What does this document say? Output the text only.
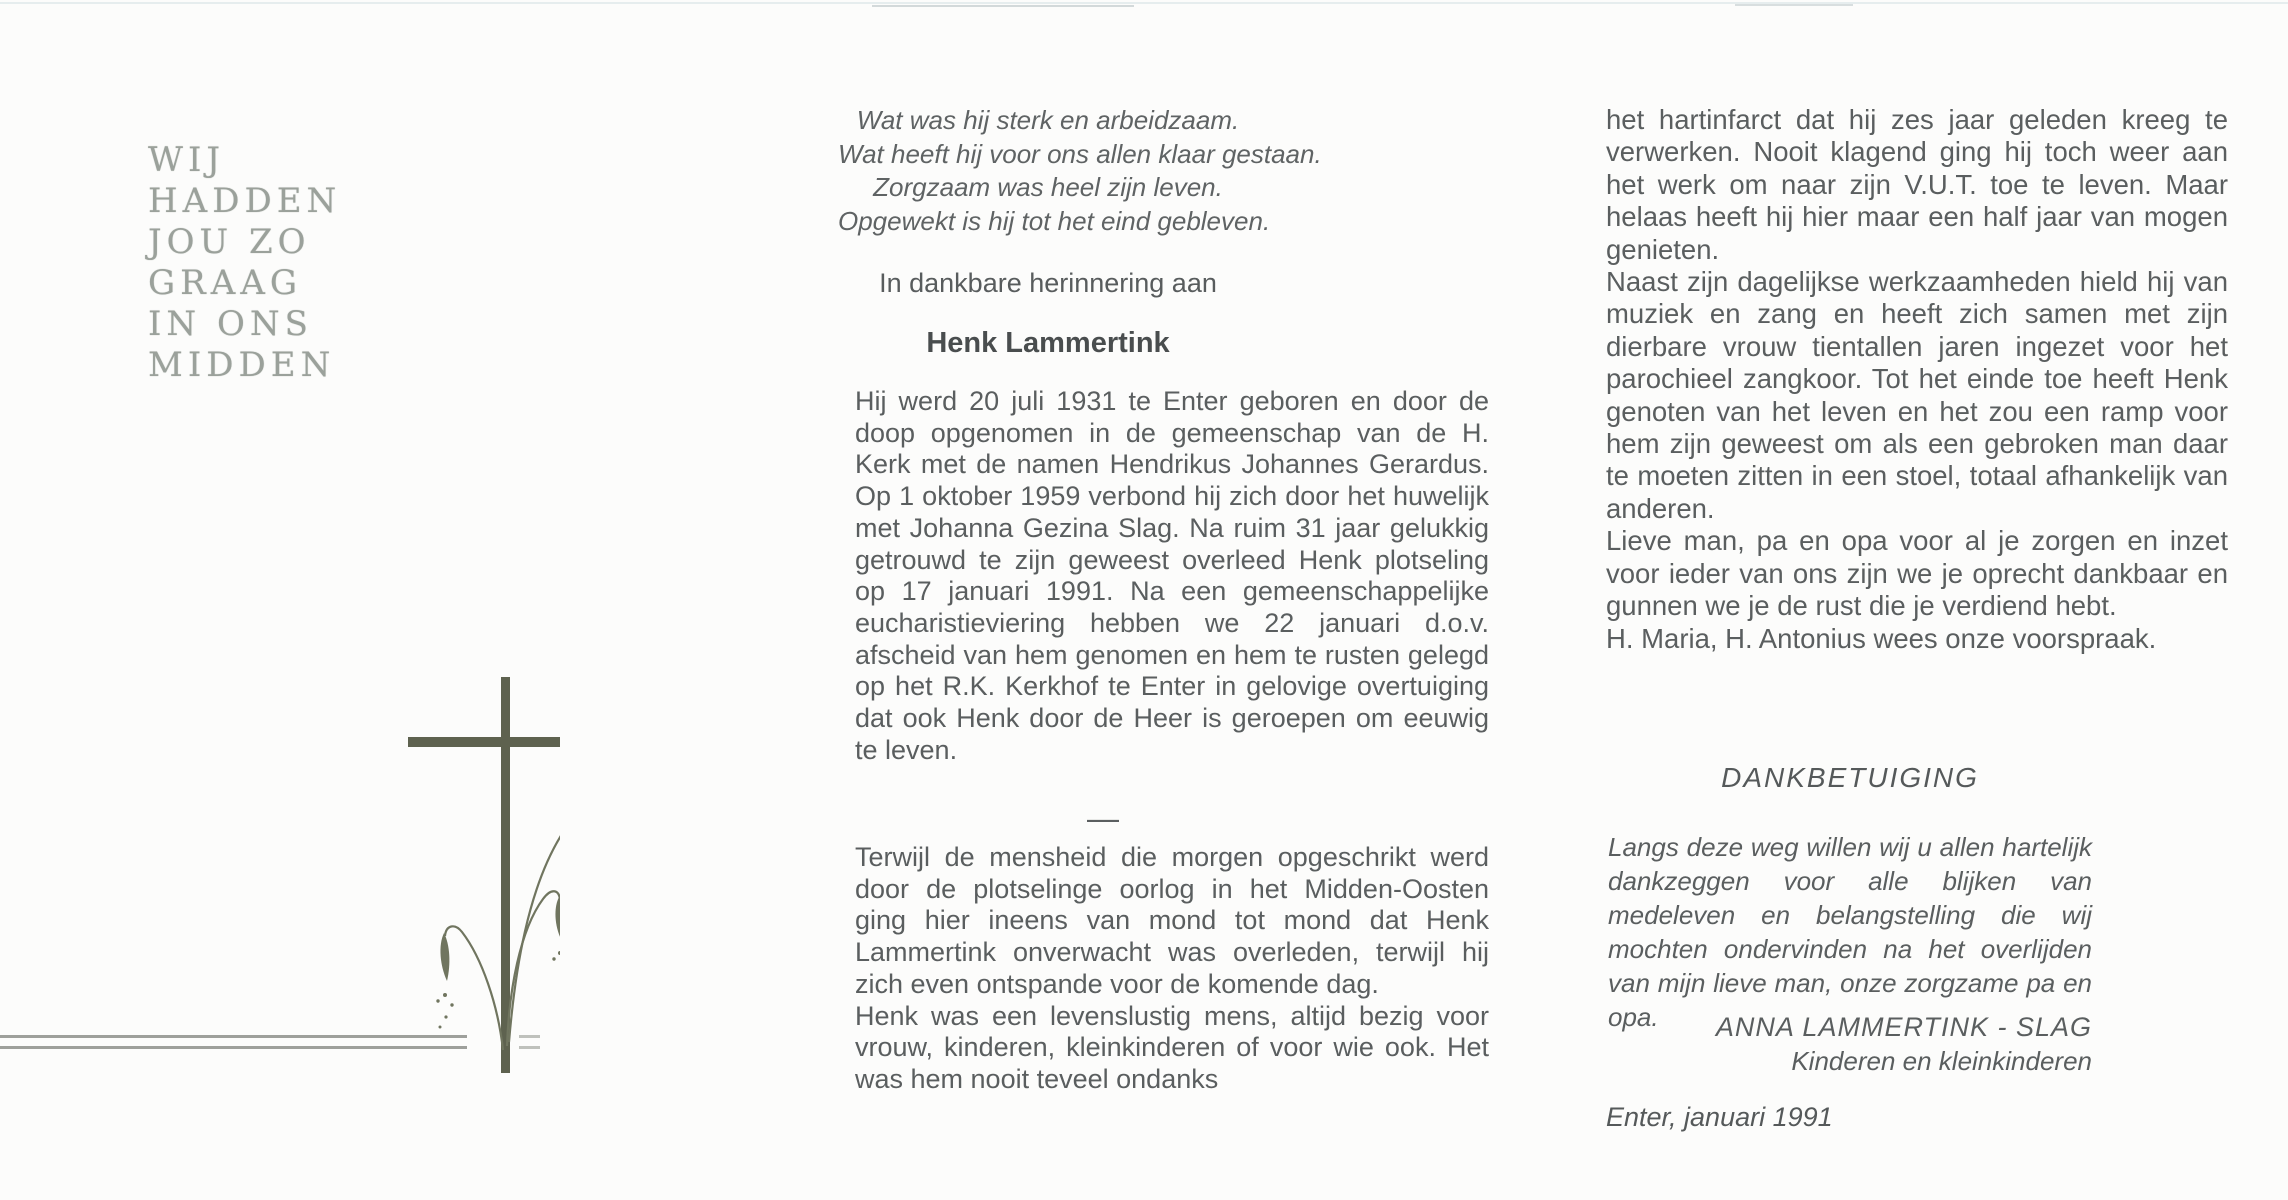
WIJ
HADDEN
JOU ZO
GRAAG
IN ONS
MIDDEN
Wat was hij sterk en arbeidzaam.
Wat heeft hij voor ons allen klaar gestaan.
Zorgzaam was heel zijn leven.
Opgewekt is hij tot het eind gebleven.
In dankbare herinnering aan
Henk Lammertink

Hij werd 20 juli 1931 te Enter geboren en door de doop opgenomen in de gemeenschap van de H. Kerk met de namen Hendrikus Johannes Gerardus. Op 1 oktober 1959 verbond hij zich door het huwelijk met Johanna Gezina Slag. Na ruim 31 jaar gelukkig getrouwd te zijn geweest overleed Henk plotseling op 17 januari 1991. Na een gemeenschappelijke eucharistieviering hebben we 22 januari d.o.v. afscheid van hem genomen en hem te rusten gelegd op het R.K. Kerkhof te Enter in gelovige overtuiging dat ook Henk door de Heer is geroepen om eeuwig te leven.

—

Terwijl de mensheid die morgen opgeschrikt werd door de plotselinge oorlog in het Midden-Oosten ging hier ineens van mond tot mond dat Henk Lammertink onverwacht was overleden, terwijl hij zich even ontspande voor de komende dag.

Henk was een levenslustig mens, altijd bezig voor vrouw, kinderen, kleinkinderen of voor wie ook. Het was hem nooit teveel ondanks

het hartinfarct dat hij zes jaar geleden kreeg te verwerken. Nooit klagend ging hij toch weer aan het werk om naar zijn V.U.T. toe te leven. Maar helaas heeft hij hier maar een half jaar van mogen genieten.

Naast zijn dagelijkse werkzaamheden hield hij van muziek en zang en heeft zich samen met zijn dierbare vrouw tientallen jaren ingezet voor het parochieel zangkoor. Tot het einde toe heeft Henk genoten van het leven en het zou een ramp voor hem zijn geweest om als een gebroken man daar te moeten zitten in een stoel, totaal afhankelijk van anderen.

Lieve man, pa en opa voor al je zorgen en inzet voor ieder van ons zijn we je oprecht dankbaar en gunnen we je de rust die je verdiend hebt.

H. Maria, H. Antonius wees onze voorspraak.

DANKBETUIGING

Langs deze weg willen wij u allen hartelijk dankzeggen voor alle blijken van medeleven en belangstelling die wij mochten ondervinden na het overlijden van mijn lieve man, onze zorgzame pa en opa.	ANNA LAMMERTINK - SLAG
Kinderen en kleinkinderen
Enter, januari 1991
